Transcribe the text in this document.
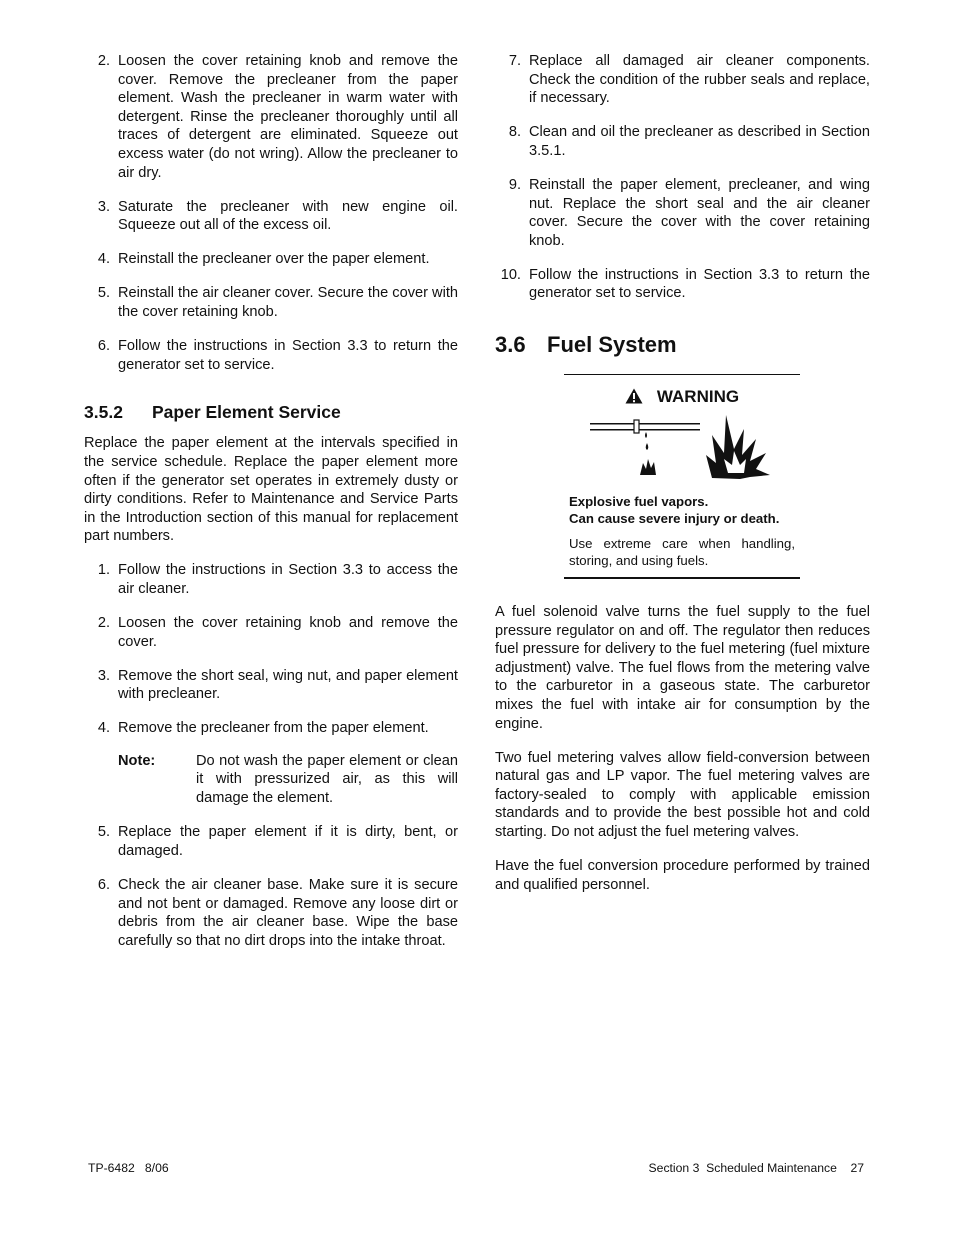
2. Loosen the cover retaining knob and remove the cover. Remove the precleaner from the paper element. Wash the precleaner in warm water with detergent. Rinse the precleaner thoroughly until all traces of detergent are eliminated. Squeeze out excess water (do not wring). Allow the precleaner to air dry.
3. Saturate the precleaner with new engine oil. Squeeze out all of the excess oil.
4. Reinstall the precleaner over the paper element.
5. Reinstall the air cleaner cover. Secure the cover with the cover retaining knob.
6. Follow the instructions in Section 3.3 to return the generator set to service.
3.5.2 Paper Element Service

Replace the paper element at the intervals specified in the service schedule. Replace the paper element more often if the generator set operates in extremely dusty or dirty conditions. Refer to Maintenance and Service Parts in the Introduction section of this manual for replacement part numbers.

1. Follow the instructions in Section 3.3 to access the air cleaner.
2. Loosen the cover retaining knob and remove the cover.
3. Remove the short seal, wing nut, and paper element with precleaner.
4. Remove the precleaner from the paper element.
Note:	Do not wash the paper element or clean it with pressurized air, as this will damage the element.
5. Replace the paper element if it is dirty, bent, or damaged.
6. Check the air cleaner base. Make sure it is secure and not bent or damaged. Remove any loose dirt or debris from the air cleaner base. Wipe the base carefully so that no dirt drops into the intake throat.
7. Replace all damaged air cleaner components. Check the condition of the rubber seals and replace, if necessary.
8. Clean and oil the precleaner as described in Section 3.5.1.
9. Reinstall the paper element, precleaner, and wing nut. Replace the short seal and the air cleaner cover. Secure the cover with the cover retaining knob.
10. Follow the instructions in Section 3.3 to return the generator set to service.
3.6 Fuel System
WARNING
Explosive fuel vapors.
Can cause severe injury or death.
Use extreme care when handling, storing, and using fuels.

A fuel solenoid valve turns the fuel supply to the fuel pressure regulator on and off. The regulator then reduces fuel pressure for delivery to the fuel metering (fuel mixture adjustment) valve. The fuel flows from the metering valve to the carburetor in a gaseous state. The carburetor mixes the fuel with intake air for consumption by the engine.

Two fuel metering valves allow field-conversion between natural gas and LP vapor. The fuel metering valves are factory-sealed to comply with applicable emission standards and to provide the best possible hot and cold starting. Do not adjust the fuel metering valves.

Have the fuel conversion procedure performed by trained and qualified personnel.

TP-6482   8/06	Section 3  Scheduled Maintenance 27
